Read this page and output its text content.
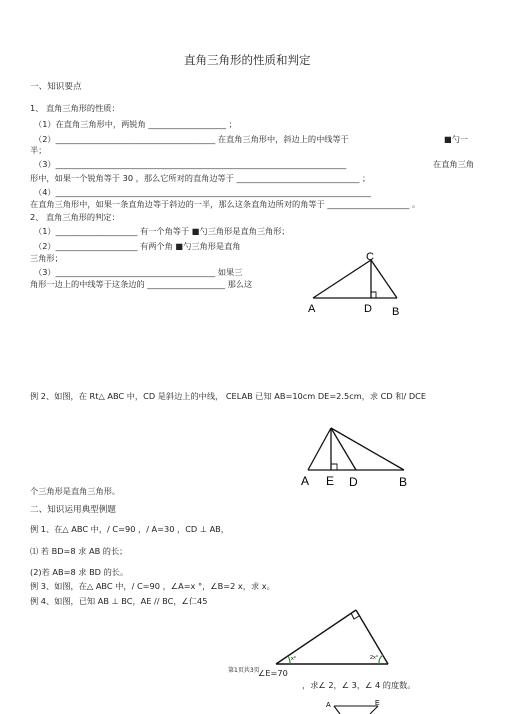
直角三角形的性质和判定
一、知识要点
1、 直角三角形的性质：
（1）在直角三角形中，两锐角 ___________________ ；
（2）_______________________________________ 在直角三角形中，斜边上的中线等于	■勺一
半；
（3）_______________________________________________________________________	在直角三角
形中，如果一个锐角等于 30 ，那么它所对的直角边等于 ______________________________ ；
（4）_____________________________________________________________________________
在直角三角形中，如果一条直角边等于斜边的一半，那么这条直角边所对的角等于 ____________________ 。
2、 直角三角形的判定：
（1）____________________ 有一个角等于 ■勺三角形是直角三角形；
（2）____________________ 有两个角 ■勺三角形是直角
三角形；
（3）_______________________________________ 如果三
角形一边上的中线等于这条边的 ___________________ 那么这
C
A	D B
例 2、如图，在 Rt△ ABC 中，CD 是斜边上的中线， CELAB 已知 AB=10cm DE=2.5cm，求 CD 和/ DCE
A E D	B
个三角形是直角三角形。
二、知识运用典型例题
例 1、在△ ABC 中，/ C=90 ，/ A=30 ，CD ⊥ AB，
⑴ 若 BD=8 求 AB 的长；
(2)若 AB=8 求 BD 的长。
例 3、如图，在△ ABC 中，/ C=90 ，∠A=x °，∠B=2 x，求 x。
例 4、如图，已知 AB ⊥ BC，AE // BC，∠仁45
x°	2x°
第1页共3页
∠E=70
，求∠ 2，∠ 3，∠ 4 的度数。
A	E
